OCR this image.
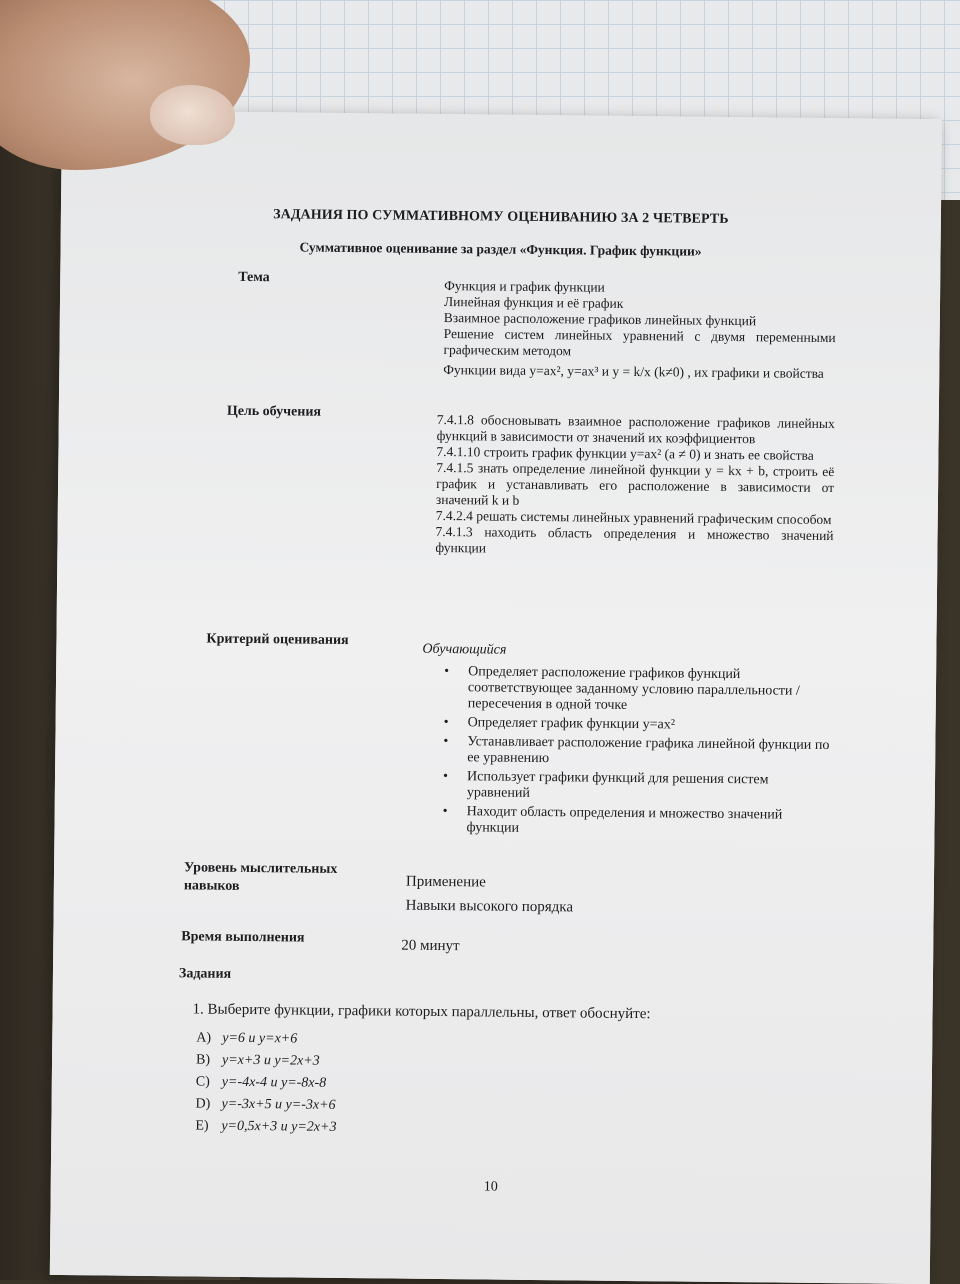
ЗАДАНИЯ ПО СУММАТИВНОМУ ОЦЕНИВАНИЮ ЗА 2 ЧЕТВЕРТЬ
Суммативное оценивание за раздел «Функция. График функции»
Тема
Функция и график функции
Линейная функция и её график
Взаимное расположение графиков линейных функций
Решение систем линейных уравнений с двумя переменными графическим методом
Функции вида y=ax², y=ax³ и y = k/x (k≠0) , их графики и свойства
Цель обучения
7.4.1.8 обосновывать взаимное расположение графиков линейных функций в зависимости от значений их коэффициентов
7.4.1.10 строить график функции y=ax² (a ≠ 0) и знать ее свойства
7.4.1.5 знать определение линейной функции y = kx + b, строить её график и устанавливать его расположение в зависимости от значений k и b
7.4.2.4 решать системы линейных уравнений графическим способом
7.4.1.3 находить область определения и множество значений функции
Критерий оценивания
Обучающийся
• Определяет расположение графиков функций соответствующее заданному условию параллельности / пересечения в одной точке
• Определяет график функции y=ax²
• Устанавливает расположение графика линейной функции по ее уравнению
• Использует графики функций для решения систем уравнений
• Находит область определения и множество значений функции
Уровень мыслительных
навыков	Применение
Навыки высокого порядка
Время выполнения
20 минут
Задания
1. Выберите функции, графики которых параллельны, ответ обоснуйте:
A) y=6 и y=x+6
B) y=x+3 и y=2x+3
C) y=-4x-4 и y=-8x-8
D) y=-3x+5 и y=-3x+6
E) y=0,5x+3 и y=2x+3
10
